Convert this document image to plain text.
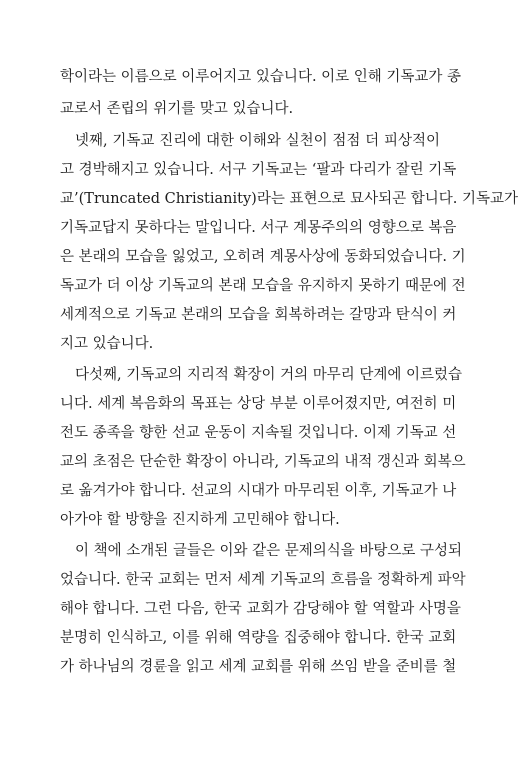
학이라는 이름으로 이루어지고 있습니다. 이로 인해 기독교가 종
교로서 존립의 위기를 맞고 있습니다.
넷째, 기독교 진리에 대한 이해와 실천이 점점 더 피상적이
고 경박해지고 있습니다. 서구 기독교는 ‘팔과 다리가 잘린 기독
교’(Truncated Christianity)라는 표현으로 묘사되곤 합니다. 기독교가
기독교답지 못하다는 말입니다. 서구 계몽주의의 영향으로 복음
은 본래의 모습을 잃었고, 오히려 계몽사상에 동화되었습니다. 기
독교가 더 이상 기독교의 본래 모습을 유지하지 못하기 때문에 전
세계적으로 기독교 본래의 모습을 회복하려는 갈망과 탄식이 커
지고 있습니다.
다섯째, 기독교의 지리적 확장이 거의 마무리 단계에 이르렀습
니다. 세계 복음화의 목표는 상당 부분 이루어졌지만, 여전히 미
전도 종족을 향한 선교 운동이 지속될 것입니다. 이제 기독교 선
교의 초점은 단순한 확장이 아니라, 기독교의 내적 갱신과 회복으
로 옮겨가야 합니다. 선교의 시대가 마무리된 이후, 기독교가 나
아가야 할 방향을 진지하게 고민해야 합니다.
이 책에 소개된 글들은 이와 같은 문제의식을 바탕으로 구성되
었습니다. 한국 교회는 먼저 세계 기독교의 흐름을 정확하게 파악
해야 합니다. 그런 다음, 한국 교회가 감당해야 할 역할과 사명을
분명히 인식하고, 이를 위해 역량을 집중해야 합니다. 한국 교회
가 하나님의 경륜을 읽고 세계 교회를 위해 쓰임 받을 준비를 철
